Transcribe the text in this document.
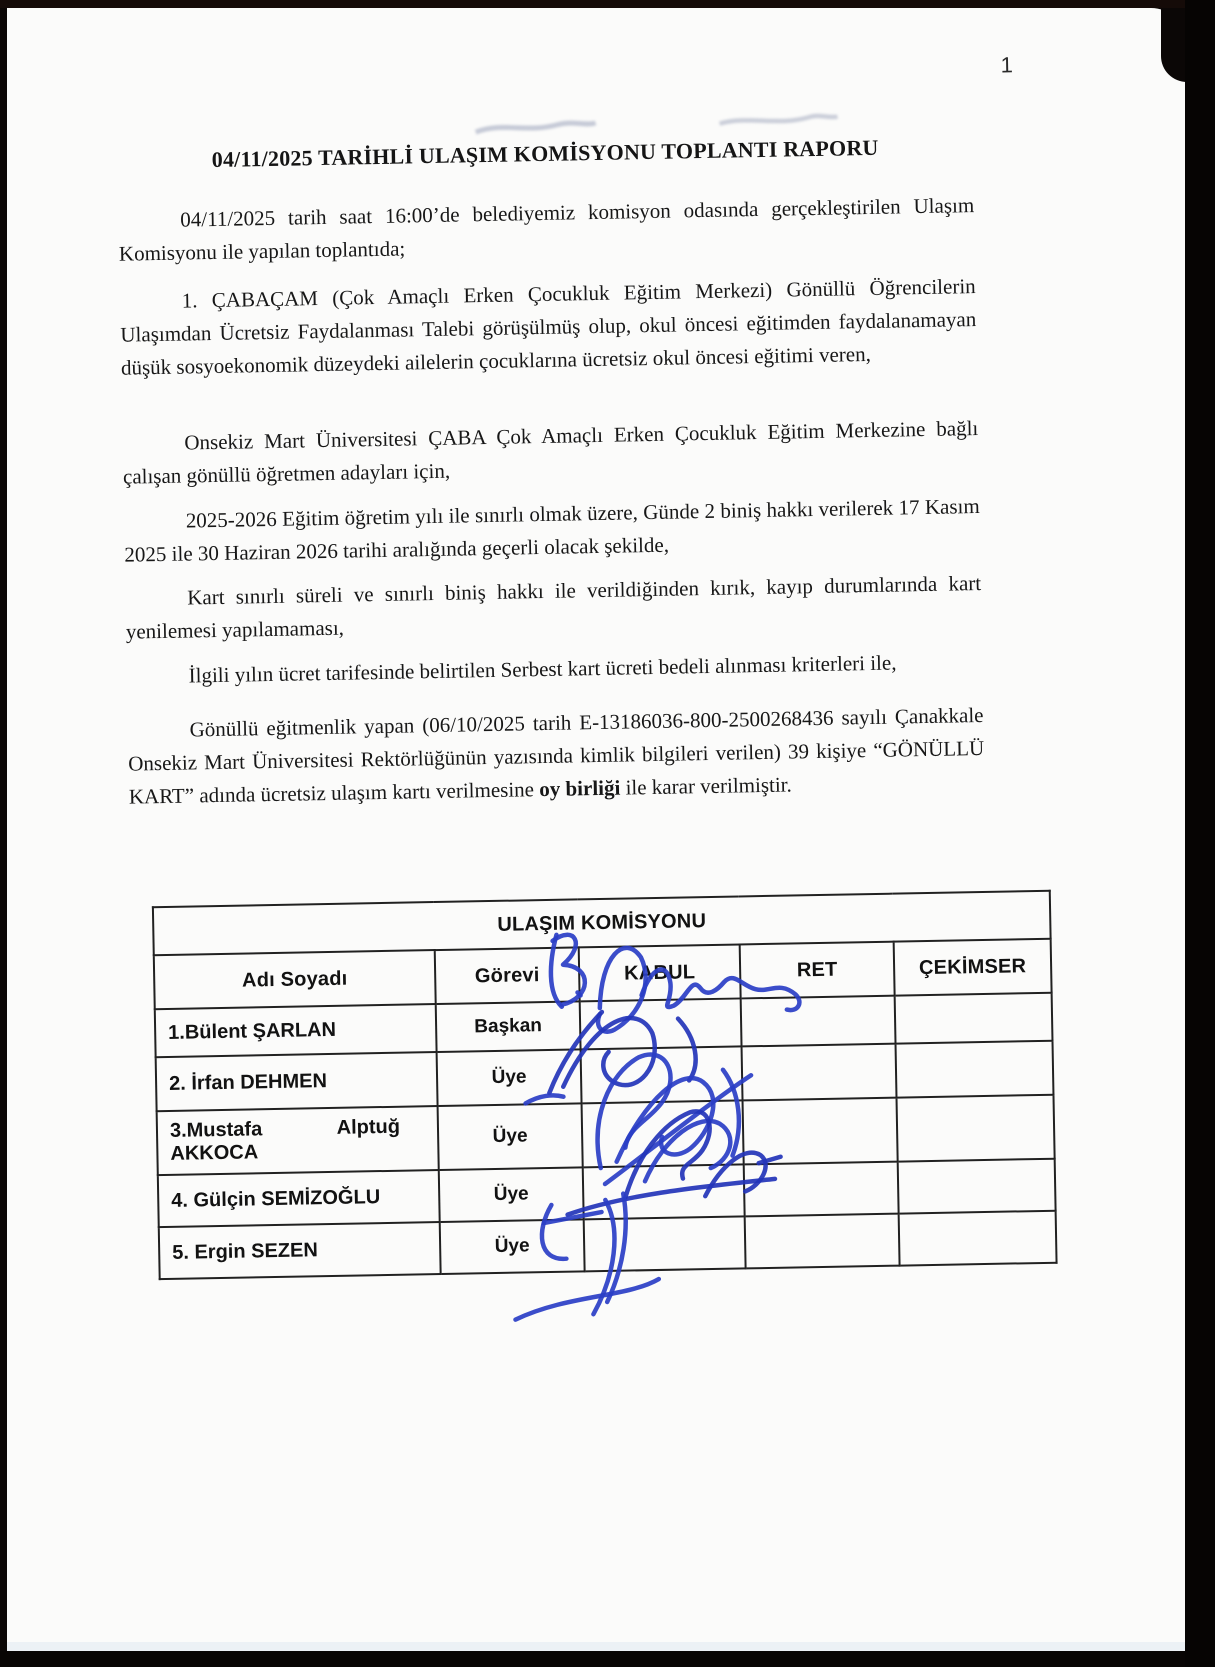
1
04/11/2025 TARİHLİ ULAŞIM KOMİSYONU TOPLANTI RAPORU

04/11/2025 tarih saat 16:00’de belediyemiz komisyon odasında gerçekleştirilen Ulaşım Komisyonu ile yapılan toplantıda;

1. ÇABAÇAM (Çok Amaçlı Erken Çocukluk Eğitim Merkezi) Gönüllü Öğrencilerin Ulaşımdan Ücretsiz Faydalanması Talebi görüşülmüş olup, okul öncesi eğitimden faydalanamayan düşük sosyoekonomik düzeydeki ailelerin çocuklarına ücretsiz okul öncesi eğitimi veren,

Onsekiz Mart Üniversitesi ÇABA Çok Amaçlı Erken Çocukluk Eğitim Merkezine bağlı çalışan gönüllü öğretmen adayları için,

2025-2026 Eğitim öğretim yılı ile sınırlı olmak üzere, Günde 2 biniş hakkı verilerek 17 Kasım 2025 ile 30 Haziran 2026 tarihi aralığında geçerli olacak şekilde,

Kart sınırlı süreli ve sınırlı biniş hakkı ile verildiğinden kırık, kayıp durumlarında kart yenilemesi yapılamaması,

İlgili yılın ücret tarifesinde belirtilen Serbest kart ücreti bedeli alınması kriterleri ile,

Gönüllü eğitmenlik yapan (06/10/2025 tarih E-13186036-800-2500268436 sayılı Çanakkale Onsekiz Mart Üniversitesi Rektörlüğünün yazısında kimlik bilgileri verilen) 39 kişiye “GÖNÜLLÜ KART” adında ücretsiz ulaşım kartı verilmesine oy birliği ile karar verilmiştir.

ULAŞIM KOMİSYONU				
Adı Soyadı	Görevi	KABUL	RET	ÇEKİMSER
1.Bülent ŞARLAN	Başkan			
2. İrfan DEHMEN	Üye			
3.Mustafa Alptuğ AKKOCA	Üye			
4. Gülçin SEMİZOĞLU	Üye			
5. Ergin SEZEN	Üye			
